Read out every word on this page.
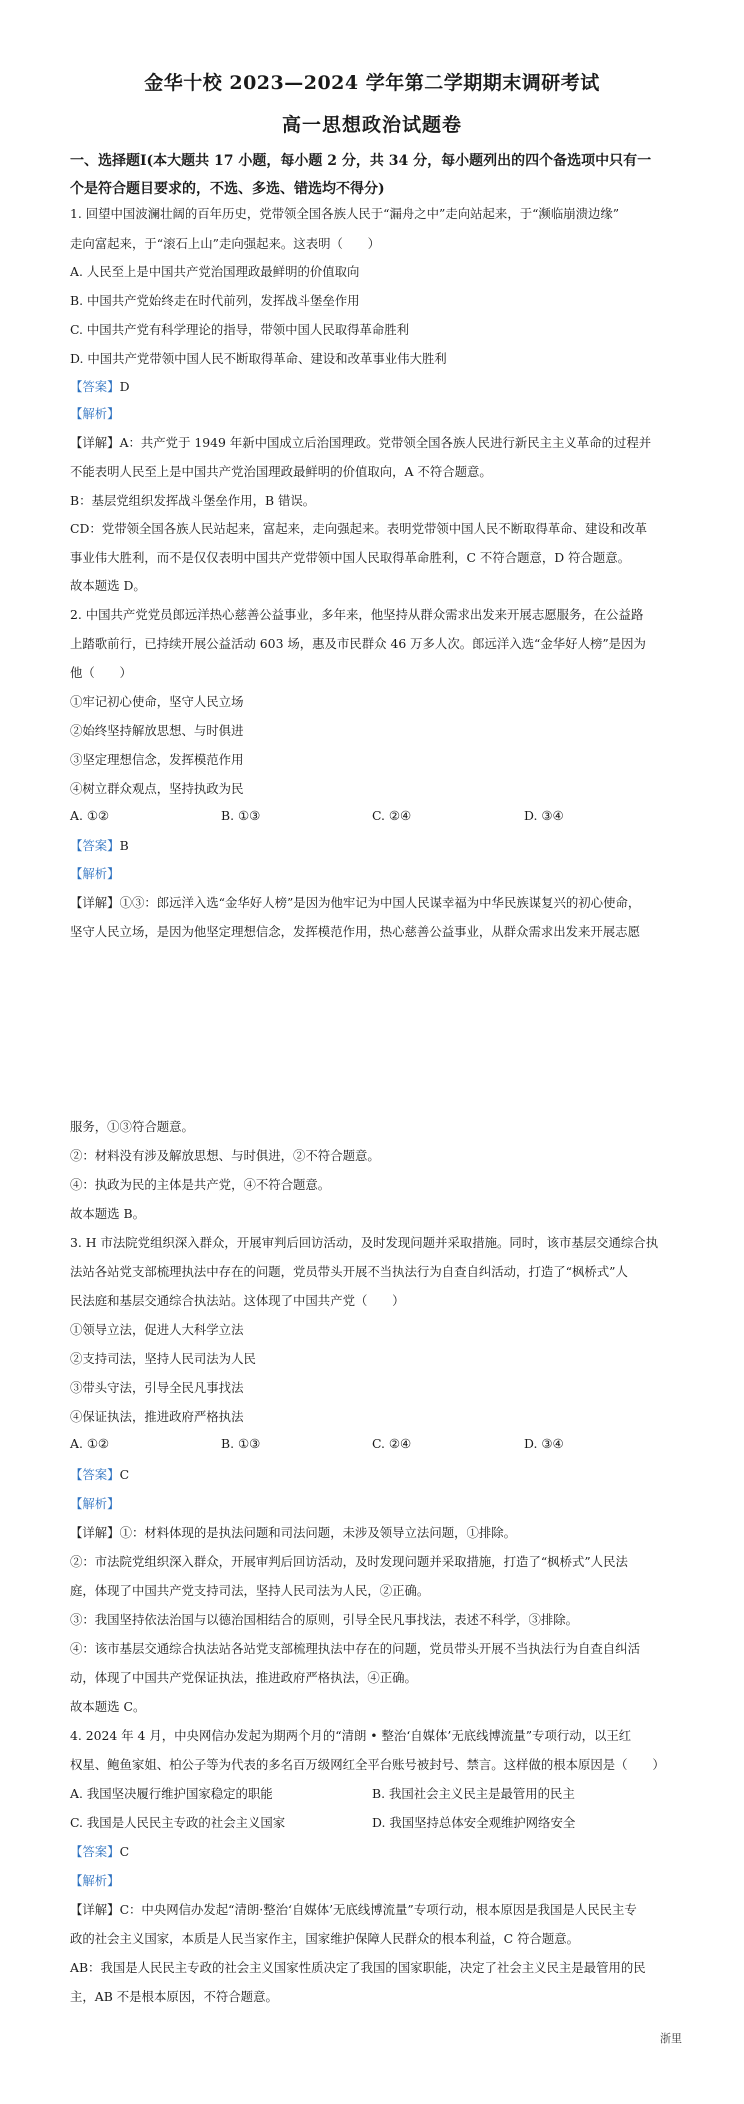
金华十校 2023—2024 学年第二学期期末调研考试
高一思想政治试题卷
一、选择题Ⅰ(本大题共 17 小题，每小题 2 分，共 34 分，每小题列出的四个备选项中只有一
个是符合题目要求的，不选、多选、错选均不得分)
1. 回望中国波澜壮阔的百年历史，党带领全国各族人民于“漏舟之中”走向站起来，于“濒临崩溃边缘”
走向富起来，于“滚石上山”走向强起来。这表明（　　）
A. 人民至上是中国共产党治国理政最鲜明的价值取向
B. 中国共产党始终走在时代前列，发挥战斗堡垒作用
C. 中国共产党有科学理论的指导，带领中国人民取得革命胜利
D. 中国共产党带领中国人民不断取得革命、建设和改革事业伟大胜利
【答案】D
【解析】
【详解】A：共产党于 1949 年新中国成立后治国理政。党带领全国各族人民进行新民主主义革命的过程并
不能表明人民至上是中国共产党治国理政最鲜明的价值取向，A 不符合题意。
B：基层党组织发挥战斗堡垒作用，B 错误。
CD：党带领全国各族人民站起来，富起来，走向强起来。表明党带领中国人民不断取得革命、建设和改革
事业伟大胜利，而不是仅仅表明中国共产党带领中国人民取得革命胜利，C 不符合题意，D 符合题意。
故本题选 D。
2. 中国共产党党员郎远洋热心慈善公益事业，多年来，他坚持从群众需求出发来开展志愿服务，在公益路
上踏歌前行，已持续开展公益活动 603 场，惠及市民群众 46 万多人次。郎远洋入选“金华好人榜”是因为
他（　　）
①牢记初心使命，坚守人民立场
②始终坚持解放思想、与时俱进
③坚定理想信念，发挥模范作用
④树立群众观点，坚持执政为民
A. ①②	B. ①③	C. ②④	D. ③④
【答案】B
【解析】
【详解】①③：郎远洋入选“金华好人榜”是因为他牢记为中国人民谋幸福为中华民族谋复兴的初心使命，
坚守人民立场，是因为他坚定理想信念，发挥模范作用，热心慈善公益事业，从群众需求出发来开展志愿
服务，①③符合题意。
②：材料没有涉及解放思想、与时俱进，②不符合题意。
④：执政为民的主体是共产党，④不符合题意。
故本题选 B。
3. H 市法院党组织深入群众，开展审判后回访活动，及时发现问题并采取措施。同时，该市基层交通综合执
法站各站党支部梳理执法中存在的问题，党员带头开展不当执法行为自查自纠活动，打造了“枫桥式”人
民法庭和基层交通综合执法站。这体现了中国共产党（　　）
①领导立法，促进人大科学立法
②支持司法，坚持人民司法为人民
③带头守法，引导全民凡事找法
④保证执法，推进政府严格执法
A. ①②	B. ①③	C. ②④	D. ③④
【答案】C
【解析】
【详解】①：材料体现的是执法问题和司法问题，未涉及领导立法问题，①排除。
②：市法院党组织深入群众，开展审判后回访活动，及时发现问题并采取措施，打造了“枫桥式”人民法
庭，体现了中国共产党支持司法，坚持人民司法为人民，②正确。
③：我国坚持依法治国与以德治国相结合的原则，引导全民凡事找法，表述不科学，③排除。
④：该市基层交通综合执法站各站党支部梳理执法中存在的问题，党员带头开展不当执法行为自查自纠活
动，体现了中国共产党保证执法，推进政府严格执法，④正确。
故本题选 C。
4. 2024 年 4 月，中央网信办发起为期两个月的“清朗 • 整治‘自媒体’无底线博流量”专项行动，以王红
权星、鲍鱼家姐、柏公子等为代表的多名百万级网红全平台账号被封号、禁言。这样做的根本原因是（　　）
A. 我国坚决履行维护国家稳定的职能	B. 我国社会主义民主是最管用的民主
C. 我国是人民民主专政的社会主义国家	D. 我国坚持总体安全观维护网络安全
【答案】C
【解析】
【详解】C：中央网信办发起“清朗·整治‘自媒体’无底线博流量”专项行动，根本原因是我国是人民民主专
政的社会主义国家，本质是人民当家作主，国家维护保障人民群众的根本利益，C 符合题意。
AB：我国是人民民主专政的社会主义国家性质决定了我国的国家职能，决定了社会主义民主是最管用的民
主，AB 不是根本原因，不符合题意。
浙里
